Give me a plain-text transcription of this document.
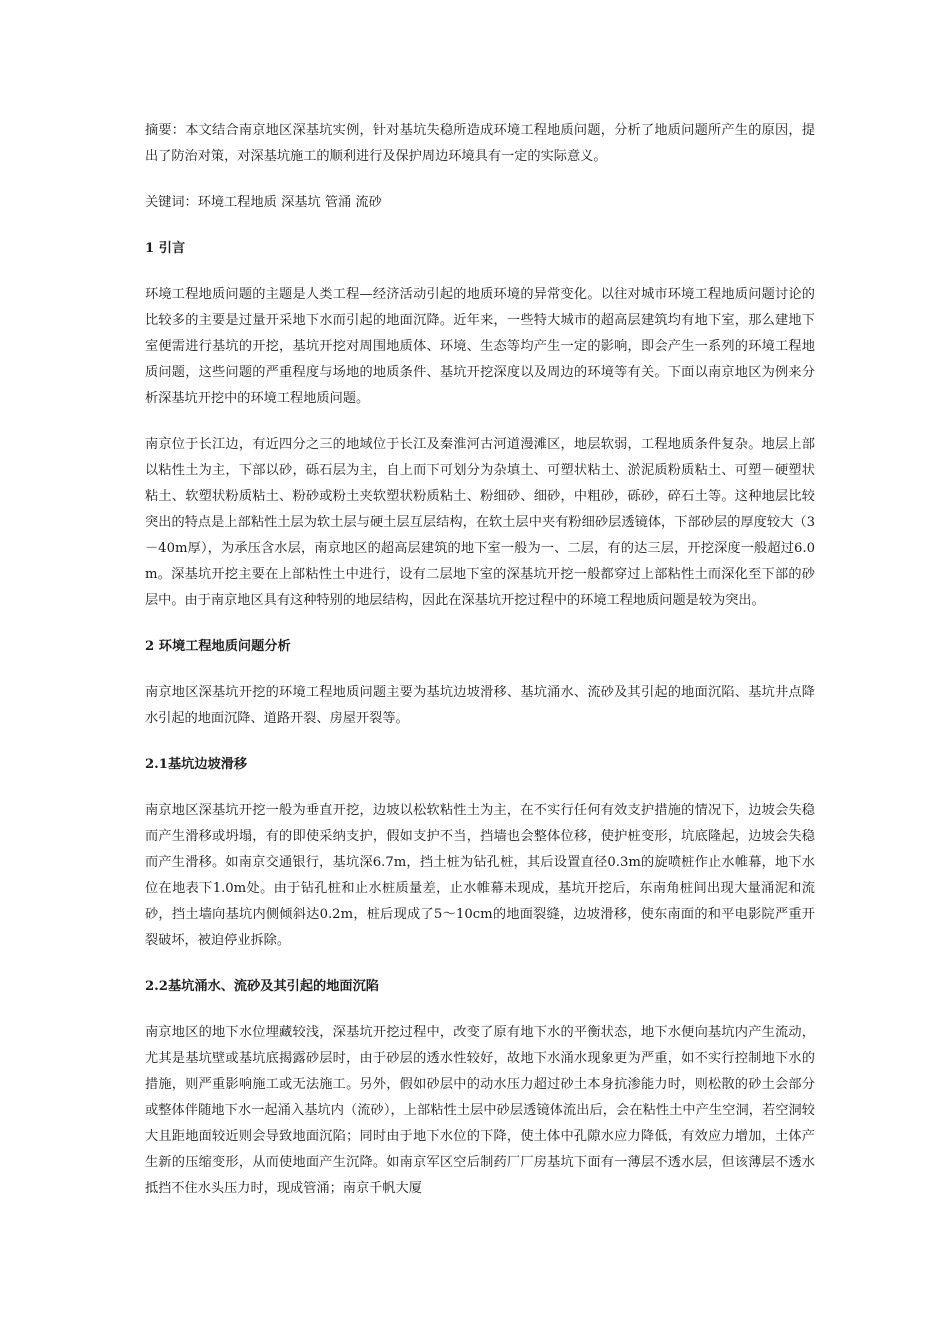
摘要：本文结合南京地区深基坑实例，针对基坑失稳所造成环境工程地质问题，分析了地质问题所产生的原因，提出了防治对策，对深基坑施工的顺利进行及保护周边环境具有一定的实际意义。

关键词：环境工程地质 深基坑 管涌 流砂

1 引言

环境工程地质问题的主题是人类工程—经济活动引起的地质环境的异常变化。以往对城市环境工程地质问题讨论的比较多的主要是过量开采地下水而引起的地面沉降。近年来，一些特大城市的超高层建筑均有地下室，那么建地下室便需进行基坑的开挖，基坑开挖对周围地质体、环境、生态等均产生一定的影响，即会产生一系列的环境工程地质问题，这些问题的严重程度与场地的地质条件、基坑开挖深度以及周边的环境等有关。下面以南京地区为例来分析深基坑开挖中的环境工程地质问题。

南京位于长江边，有近四分之三的地域位于长江及秦淮河古河道漫滩区，地层软弱，工程地质条件复杂。地层上部以粘性土为主，下部以砂，砾石层为主，自上而下可划分为杂填土、可塑状粘土、淤泥质粉质粘土、可塑－硬塑状粘土、软塑状粉质粘土、粉砂或粉土夹软塑状粉质粘土、粉细砂、细砂，中粗砂，砾砂，碎石土等。这种地层比较突出的特点是上部粘性土层为软土层与硬土层互层结构，在软土层中夹有粉细砂层透镜体，下部砂层的厚度较大（3－40m厚），为承压含水层，南京地区的超高层建筑的地下室一般为一、二层，有的达三层，开挖深度一般超过6.0m。深基坑开挖主要在上部粘性土中进行，设有二层地下室的深基坑开挖一般都穿过上部粘性土而深化至下部的砂层中。由于南京地区具有这种特别的地层结构，因此在深基坑开挖过程中的环境工程地质问题是较为突出。

2 环境工程地质问题分析

南京地区深基坑开挖的环境工程地质问题主要为基坑边坡滑移、基坑涌水、流砂及其引起的地面沉陷、基坑井点降水引起的地面沉降、道路开裂、房屋开裂等。

2.1基坑边坡滑移

南京地区深基坑开挖一般为垂直开挖，边坡以松软粘性土为主，在不实行任何有效支护措施的情况下，边坡会失稳而产生滑移或坍塌，有的即使采纳支护，假如支护不当，挡墙也会整体位移，使护桩变形，坑底隆起，边坡会失稳而产生滑移。如南京交通银行，基坑深6.7m，挡土桩为钻孔桩，其后设置直径0.3m的旋喷桩作止水帷幕，地下水位在地表下1.0m处。由于钻孔桩和止水桩质量差，止水帷幕未现成，基坑开挖后，东南角桩间出现大量涌泥和流砂，挡土墙向基坑内侧倾斜达0.2m，桩后现成了5～10cm的地面裂缝，边坡滑移，使东南面的和平电影院严重开裂破坏，被迫停业拆除。

2.2基坑涌水、流砂及其引起的地面沉陷

南京地区的地下水位埋藏较浅，深基坑开挖过程中，改变了原有地下水的平衡状态，地下水便向基坑内产生流动，尤其是基坑壁或基坑底揭露砂层时，由于砂层的透水性较好，故地下水涌水现象更为严重，如不实行控制地下水的措施，则严重影响施工或无法施工。另外，假如砂层中的动水压力超过砂土本身抗渗能力时，则松散的砂土会部分或整体伴随地下水一起涌入基坑内（流砂），上部粘性土层中砂层透镜体流出后，会在粘性土中产生空洞，若空洞较大且距地面较近则会导致地面沉陷；同时由于地下水位的下降，使土体中孔隙水应力降低，有效应力增加，土体产生新的压缩变形，从而使地面产生沉降。如南京军区空后制药厂厂房基坑下面有一薄层不透水层，但该薄层不透水抵挡不住水头压力时，现成管涌；南京千帆大厦
